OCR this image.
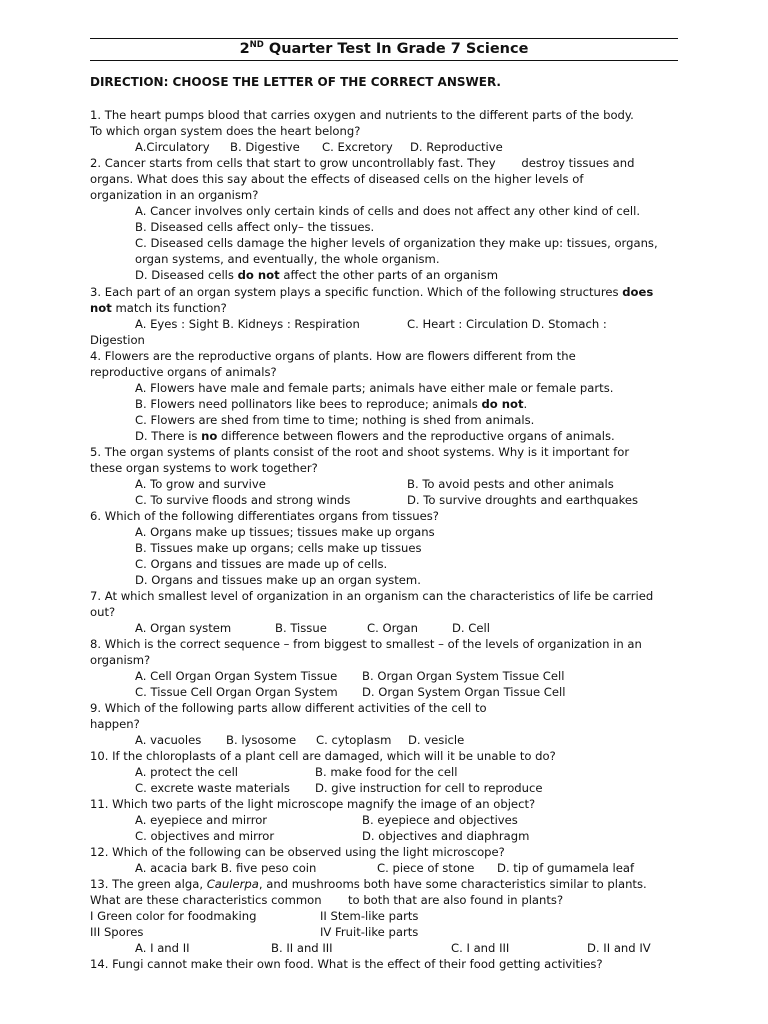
2ND Quarter Test In Grade 7 Science
DIRECTION: CHOOSE THE LETTER OF THE CORRECT ANSWER.
1. The heart pumps blood that carries oxygen and nutrients to the different parts of the body.
To which organ system does the heart belong?
A.Circulatory B. Digestive C. Excretory D. Reproductive
2. Cancer starts from cells that start to grow uncontrollably fast. They       destroy tissues and
organs. What does this say about the effects of diseased cells on the higher levels of
organization in an organism?
A. Cancer involves only certain kinds of cells and does not affect any other kind of cell.
B. Diseased cells affect only– the tissues.
C. Diseased cells damage the higher levels of organization they make up: tissues, organs,
organ systems, and eventually, the whole organism.
D. Diseased cells do not affect the other parts of an organism
3. Each part of an organ system plays a specific function. Which of the following structures does
not match its function?
A. Eyes : Sight B. Kidneys : Respiration	C. Heart : Circulation D. Stomach :
Digestion
4. Flowers are the reproductive organs of plants. How are flowers different from the
reproductive organs of animals?
A. Flowers have male and female parts; animals have either male or female parts.
B. Flowers need pollinators like bees to reproduce; animals do not.
C. Flowers are shed from time to time; nothing is shed from animals.
D. There is no difference between flowers and the reproductive organs of animals.
5. The organ systems of plants consist of the root and shoot systems. Why is it important for
these organ systems to work together?
A. To grow and survive	B. To avoid pests and other animals
C. To survive floods and strong winds	D. To survive droughts and earthquakes
6. Which of the following differentiates organs from tissues?
A. Organs make up tissues; tissues make up organs
B. Tissues make up organs; cells make up tissues
C. Organs and tissues are made up of cells.
D. Organs and tissues make up an organ system.
7. At which smallest level of organization in an organism can the characteristics of life be carried
out?
A. Organ system	B. Tissue	C. Organ	D. Cell
8. Which is the correct sequence – from biggest to smallest – of the levels of organization in an
organism?
A. Cell Organ Organ System Tissue B. Organ Organ System Tissue Cell
C. Tissue Cell Organ Organ System D. Organ System Organ Tissue Cell
9. Which of the following parts allow different activities of the cell to
happen?
A. vacuoles B. lysosome C. cytoplasm D. vesicle
10. If the chloroplasts of a plant cell are damaged, which will it be unable to do?
A. protect the cell	B. make food for the cell
C. excrete waste materials D. give instruction for cell to reproduce
11. Which two parts of the light microscope magnify the image of an object?
A. eyepiece and mirror	B. eyepiece and objectives
C. objectives and mirror	D. objectives and diaphragm
12. Which of the following can be observed using the light microscope?
A. acacia bark B. five peso coin	C. piece of stone D. tip of gumamela leaf
13. The green alga, Caulerpa, and mushrooms both have some characteristics similar to plants.
What are these characteristics common to both that are also found in plants?
I Green color for foodmaking	II Stem-like parts
III Spores	IV Fruit-like parts
A. I and II	B. II and III	C. I and III	D. II and IV
14. Fungi cannot make their own food. What is the effect of their food getting activities?
